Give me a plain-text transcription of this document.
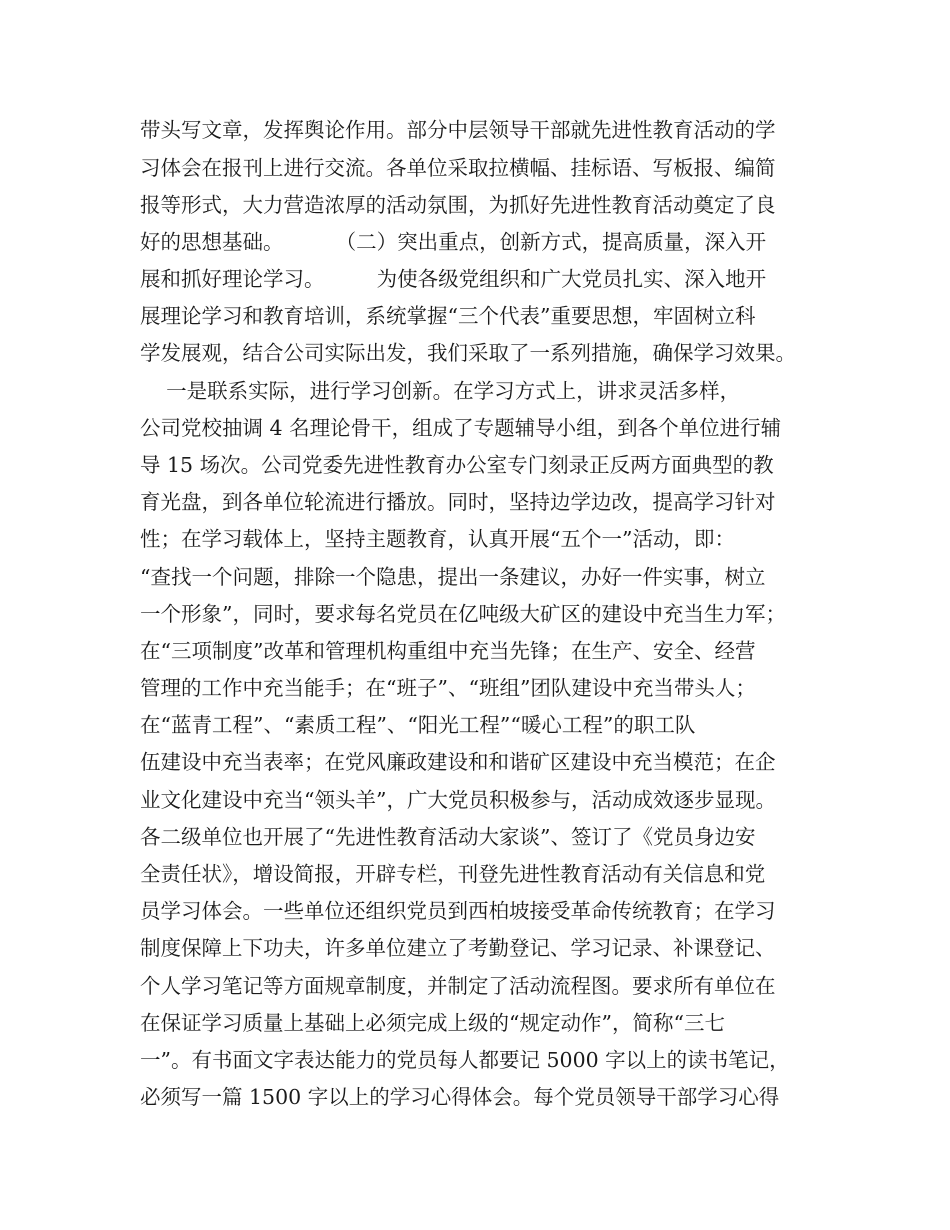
带头写文章，发挥舆论作用。部分中层领导干部就先进性教育活动的学
习体会在报刊上进行交流。各单位采取拉横幅、挂标语、写板报、编简
报等形式，大力营造浓厚的活动氛围，为抓好先进性教育活动奠定了良
好的思想基础。        （二）突出重点，创新方式，提高质量，深入开
展和抓好理论学习。        为使各级党组织和广大党员扎实、深入地开
展理论学习和教育培训，系统掌握“三个代表”重要思想，牢固树立科
学发展观，结合公司实际出发，我们采取了一系列措施，确保学习效果。
一是联系实际，进行学习创新。在学习方式上，讲求灵活多样，
公司党校抽调 4 名理论骨干，组成了专题辅导小组，到各个单位进行辅
导 15 场次。公司党委先进性教育办公室专门刻录正反两方面典型的教
育光盘，到各单位轮流进行播放。同时，坚持边学边改，提高学习针对
性；在学习载体上，坚持主题教育，认真开展“五个一”活动，即：
“查找一个问题，排除一个隐患，提出一条建议，办好一件实事，树立
一个形象”，同时，要求每名党员在亿吨级大矿区的建设中充当生力军；
在“三项制度”改革和管理机构重组中充当先锋；在生产、安全、经营
管理的工作中充当能手；在“班子”、“班组”团队建设中充当带头人；
在“蓝青工程”、“素质工程”、“阳光工程”“暖心工程”的职工队
伍建设中充当表率；在党风廉政建设和和谐矿区建设中充当模范；在企
业文化建设中充当“领头羊”，广大党员积极参与，活动成效逐步显现。
各二级单位也开展了“先进性教育活动大家谈”、签订了《党员身边安
全责任状》，增设简报，开辟专栏，刊登先进性教育活动有关信息和党
员学习体会。一些单位还组织党员到西柏坡接受革命传统教育；在学习
制度保障上下功夫，许多单位建立了考勤登记、学习记录、补课登记、
个人学习笔记等方面规章制度，并制定了活动流程图。要求所有单位在
在保证学习质量上基础上必须完成上级的“规定动作”，简称“三七
一”。有书面文字表达能力的党员每人都要记 5000 字以上的读书笔记，
必须写一篇 1500 字以上的学习心得体会。每个党员领导干部学习心得
